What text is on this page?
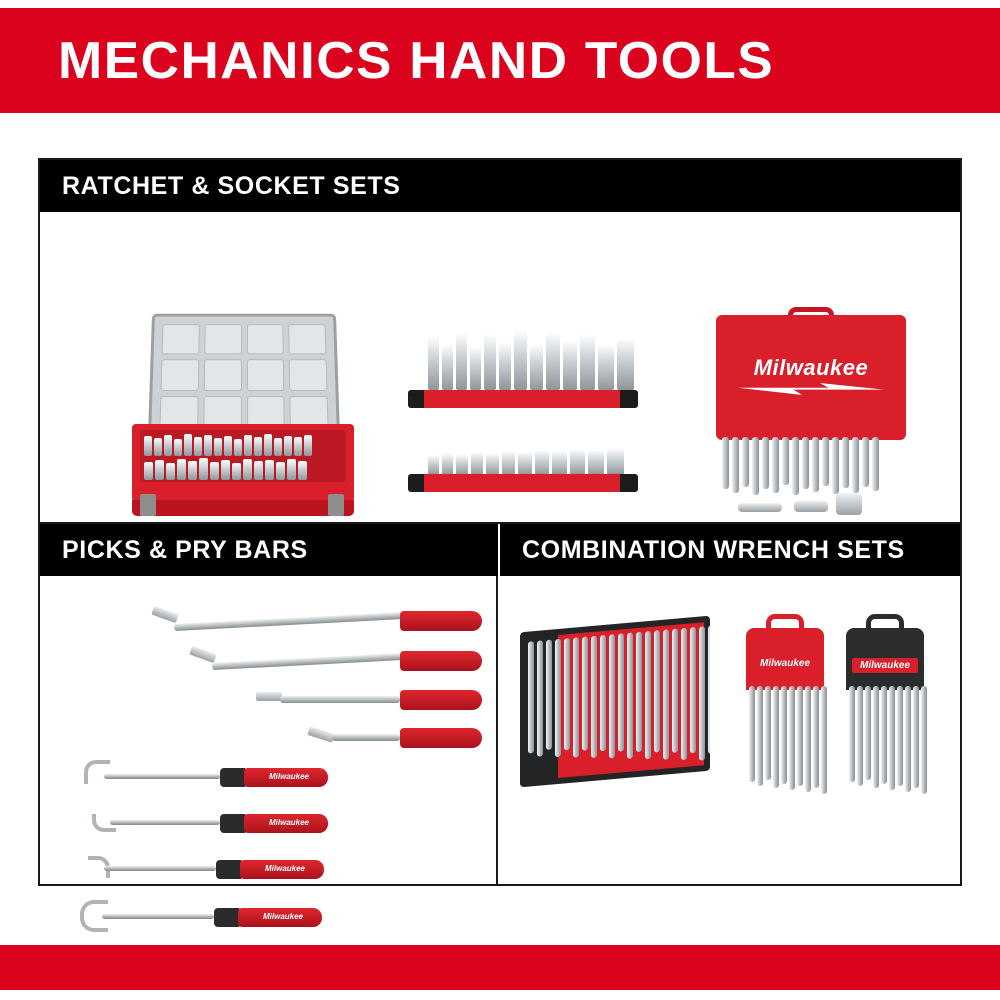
MECHANICS HAND TOOLS
RATCHET & SOCKET SETS
Milwaukee
PICKS & PRY BARS	COMBINATION WRENCH SETS
Milwaukee
Milwaukee
Milwaukee
Milwaukee
Milwaukee	Milwaukee
